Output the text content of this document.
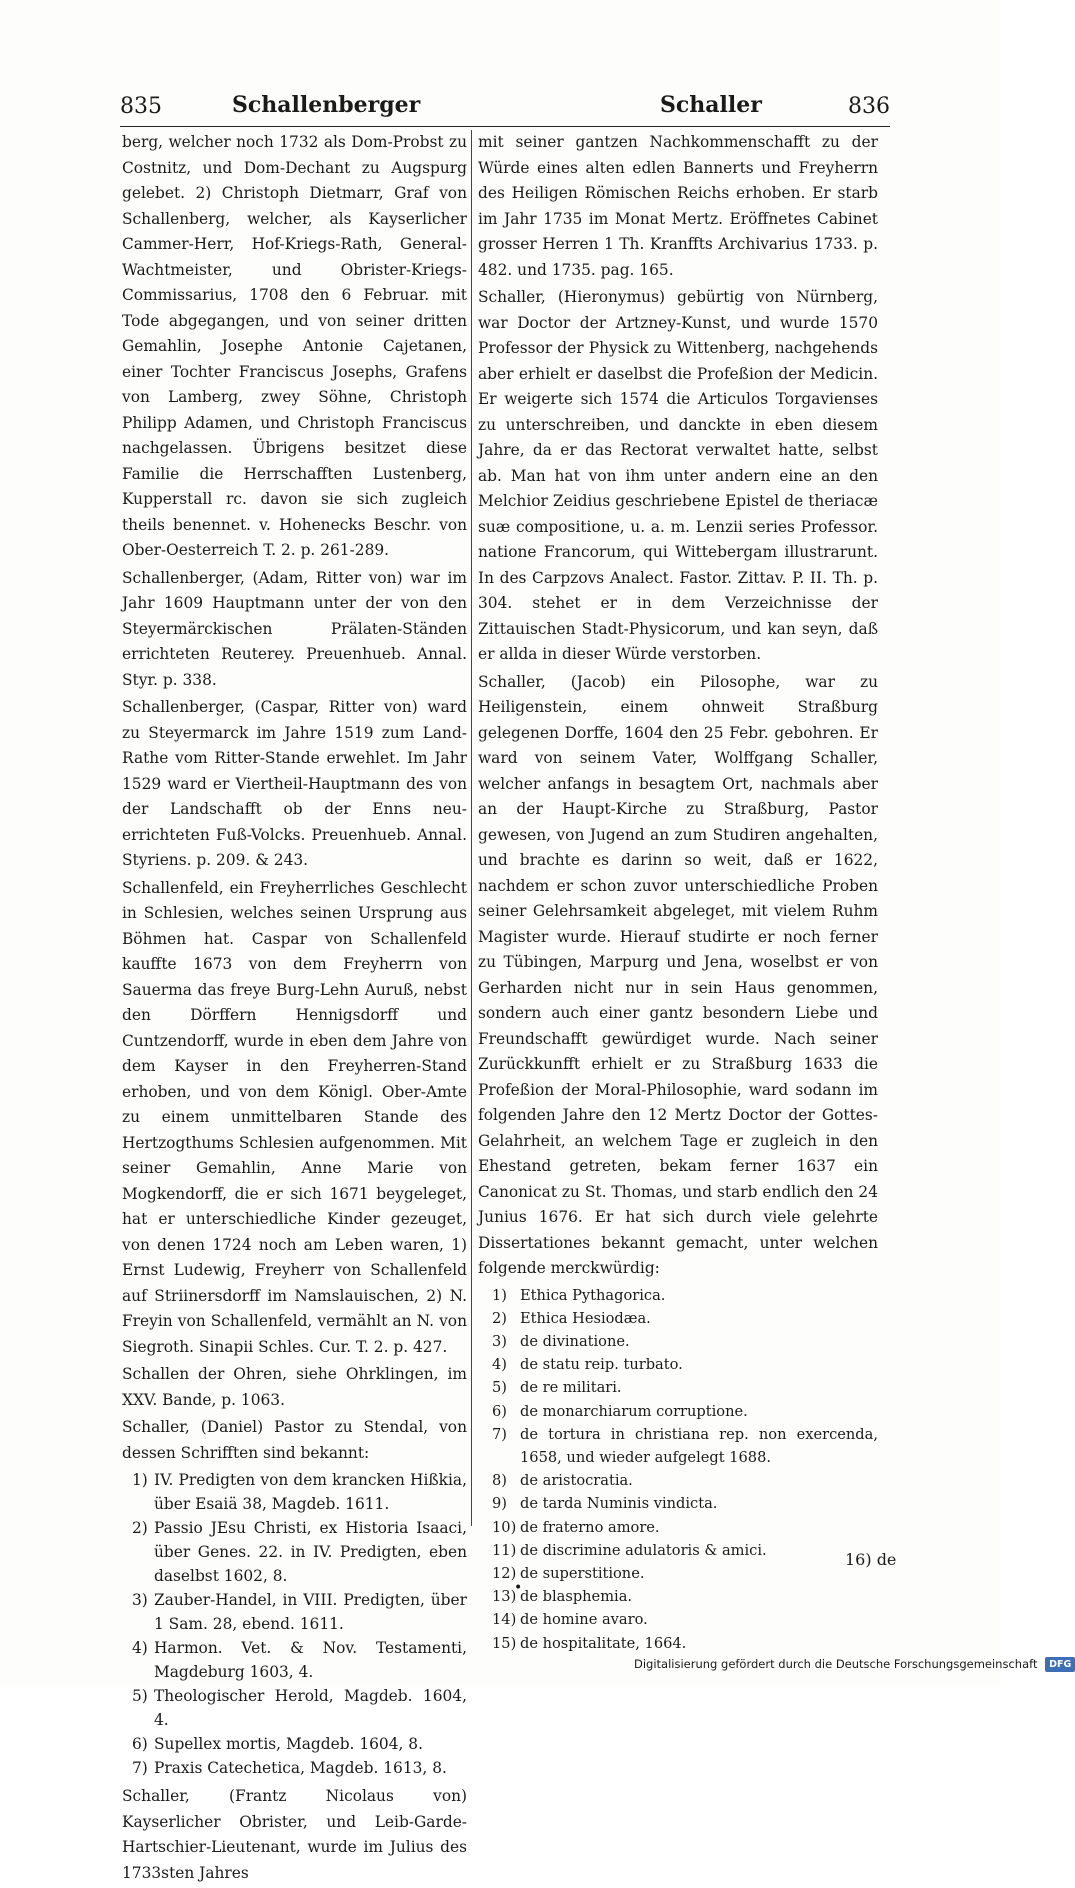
835	Schallenberger	Schaller	836

berg, welcher noch 1732 als Dom-Probst zu Costnitz, und Dom-Dechant zu Augspurg gelebet. 2) Christoph Dietmarr, Graf von Schallenberg, welcher, als Kayserlicher Cammer-Herr, Hof-Kriegs-Rath, General-Wachtmeister, und Obrister-Kriegs-Commissarius, 1708 den 6 Februar. mit Tode abgegangen, und von seiner dritten Gemahlin, Josephe Antonie Cajetanen, einer Tochter Franciscus Josephs, Grafens von Lamberg, zwey Söhne, Christoph Philipp Adamen, und Christoph Franciscus nachgelassen. Übrigens besitzet diese Familie die Herrschafften Lustenberg, Kupperstall rc. davon sie sich zugleich theils benennet. v. Hohenecks Beschr. von Ober-Oesterreich T. 2. p. 261-289.

Schallenberger, (Adam, Ritter von) war im Jahr 1609 Hauptmann unter der von den Steyermärckischen Prälaten-Ständen errichteten Reuterey. Preuenhueb. Annal. Styr. p. 338.

Schallenberger, (Caspar, Ritter von) ward zu Steyermarck im Jahre 1519 zum Land-Rathe vom Ritter-Stande erwehlet. Im Jahr 1529 ward er Viertheil-Hauptmann des von der Landschafft ob der Enns neu-errichteten Fuß-Volcks. Preuenhueb. Annal. Styriens. p. 209. & 243.

Schallenfeld, ein Freyherrliches Geschlecht in Schlesien, welches seinen Ursprung aus Böhmen hat. Caspar von Schallenfeld kauffte 1673 von dem Freyherrn von Sauerma das freye Burg-Lehn Auruß, nebst den Dörffern Hennigsdorff und Cuntzendorff, wurde in eben dem Jahre von dem Kayser in den Freyherren-Stand erhoben, und von dem Königl. Ober-Amte zu einem unmittelbaren Stande des Hertzogthums Schlesien aufgenommen. Mit seiner Gemahlin, Anne Marie von Mogkendorff, die er sich 1671 beygeleget, hat er unterschiedliche Kinder gezeuget, von denen 1724 noch am Leben waren, 1) Ernst Ludewig, Freyherr von Schallenfeld auf Striinersdorff im Namslauischen, 2) N. Freyin von Schallenfeld, vermählt an N. von Siegroth. Sinapii Schles. Cur. T. 2. p. 427.

Schallen der Ohren, siehe Ohrklingen, im XXV. Bande, p. 1063.

Schaller, (Daniel) Pastor zu Stendal, von dessen Schrifften sind bekannt:

1) IV. Predigten von dem krancken Hißkia, über Esaiä 38, Magdeb. 1611.
2) Passio JEsu Christi, ex Historia Isaaci, über Genes. 22. in IV. Predigten, eben daselbst 1602, 8.
3) Zauber-Handel, in VIII. Predigten, über 1 Sam. 28, ebend. 1611.
4) Harmon. Vet. & Nov. Testamenti, Magdeburg 1603, 4.
5) Theologischer Herold, Magdeb. 1604, 4.
6) Supellex mortis, Magdeb. 1604, 8.
7) Praxis Catechetica, Magdeb. 1613, 8.

Schaller, (Frantz Nicolaus von) Kayserlicher Obrister, und Leib-Garde-Hartschier-Lieutenant, wurde im Julius des 1733sten Jahres

mit seiner gantzen Nachkommenschafft zu der Würde eines alten edlen Bannerts und Freyherrn des Heiligen Römischen Reichs erhoben. Er starb im Jahr 1735 im Monat Mertz. Eröffnetes Cabinet grosser Herren 1 Th. Kranffts Archivarius 1733. p. 482. und 1735. pag. 165.

Schaller, (Hieronymus) gebürtig von Nürnberg, war Doctor der Artzney-Kunst, und wurde 1570 Professor der Physick zu Wittenberg, nachgehends aber erhielt er daselbst die Profeßion der Medicin. Er weigerte sich 1574 die Articulos Torgavienses zu unterschreiben, und danckte in eben diesem Jahre, da er das Rectorat verwaltet hatte, selbst ab. Man hat von ihm unter andern eine an den Melchior Zeidius geschriebene Epistel de theriacæ suæ compositione, u. a. m. Lenzii series Professor. natione Francorum, qui Wittebergam illustrarunt. In des Carpzovs Analect. Fastor. Zittav. P. II. Th. p. 304. stehet er in dem Verzeichnisse der Zittauischen Stadt-Physicorum, und kan seyn, daß er allda in dieser Würde verstorben.

Schaller, (Jacob) ein Pilosophe, war zu Heiligenstein, einem ohnweit Straßburg gelegenen Dorffe, 1604 den 25 Febr. gebohren. Er ward von seinem Vater, Wolffgang Schaller, welcher anfangs in besagtem Ort, nachmals aber an der Haupt-Kirche zu Straßburg, Pastor gewesen, von Jugend an zum Studiren angehalten, und brachte es darinn so weit, daß er 1622, nachdem er schon zuvor unterschiedliche Proben seiner Gelehrsamkeit abgeleget, mit vielem Ruhm Magister wurde. Hierauf studirte er noch ferner zu Tübingen, Marpurg und Jena, woselbst er von Gerharden nicht nur in sein Haus genommen, sondern auch einer gantz besondern Liebe und Freundschafft gewürdiget wurde. Nach seiner Zurückkunfft erhielt er zu Straßburg 1633 die Profeßion der Moral-Philosophie, ward sodann im folgenden Jahre den 12 Mertz Doctor der Gottes-Gelahrheit, an welchem Tage er zugleich in den Ehestand getreten, bekam ferner 1637 ein Canonicat zu St. Thomas, und starb endlich den 24 Junius 1676. Er hat sich durch viele gelehrte Dissertationes bekannt gemacht, unter welchen folgende merckwürdig:

1) Ethica Pythagorica.
2) Ethica Hesiodæa.
3) de divinatione.
4) de statu reip. turbato.
5) de re militari.
6) de monarchiarum corruptione.
7) de tortura in christiana rep. non exercenda, 1658, und wieder aufgelegt 1688.
8) de aristocratia.
9) de tarda Numinis vindicta.
10) de fraterno amore.
11) de discrimine adulatoris & amici.
12) de superstitione.
13) de blasphemia.
14) de homine avaro.
15) de hospitalitate, 1664.
16) de
•
Digitalisierung gefördert durch die Deutsche Forschungsgemeinschaft DFG
